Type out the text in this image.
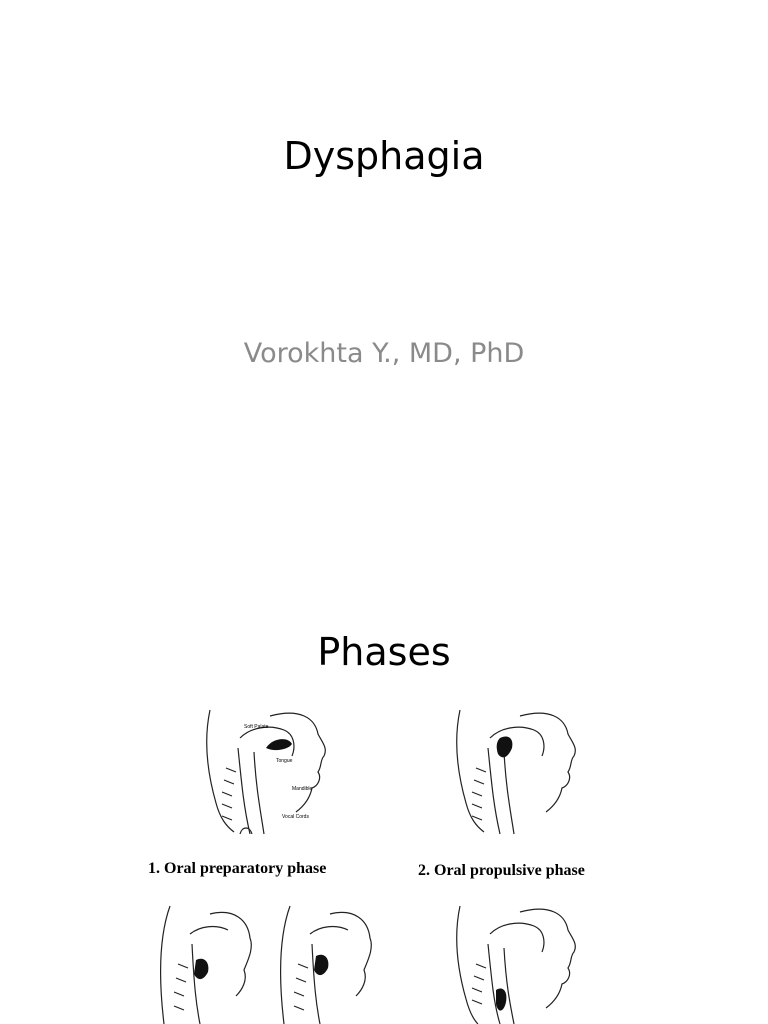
Dysphagia
Vorokhta Y., MD, PhD
Phases
Soft Palate
Tongue
Mandible
Vocal Cords
1. Oral preparatory phase	2. Oral propulsive phase
